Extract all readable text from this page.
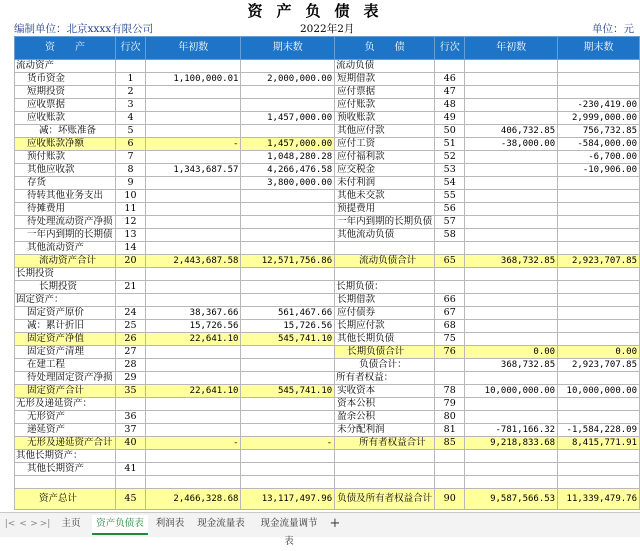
资产负债表
编制单位：北京xxxx有限公司	2022年2月	单位：元
资　　产	行次	年初数	期末数	负　　债	行次	年初数	期末数
流动资产				流动负债			
货币资金	1	1,100,000.01	2,000,000.00	短期借款	46		
短期投资	2			应付票据	47		
应收票据	3			应付账款	48		-230,419.00
应收账款	4		1,457,000.00	预收账款	49		2,999,000.00
减：坏账准备	5			其他应付款	50	406,732.85	756,732.85
应收账款净额	6	-	1,457,000.00	应付工资	51	-38,000.00	-584,000.00
预付账款	7		1,048,280.28	应付福利款	52		-6,700.00
其他应收款	8	1,343,687.57	4,266,476.58	应交税金	53		-10,906.00
存货	9		3,800,000.00	未付利润	54		
待转其他业务支出	10			其他未交款	55		
待摊费用	11			预提费用	56		
待处理流动资产净损	12			一年内到期的长期负债	57		
一年内到期的长期债	13			其他流动负债	58		
其他流动资产	14						
流动资产合计	20	2,443,687.58	12,571,756.86	流动负债合计	65	368,732.85	2,923,707.85
长期投资							
长期投资	21			长期负债：			
固定资产：				长期借款	66		
固定资产原价	24	38,367.66	561,467.66	应付债券	67		
减：累计折旧	25	15,726.56	15,726.56	长期应付款	68		
固定资产净值	26	22,641.10	545,741.10	其他长期负债	75		
固定资产清理	27			长期负债合计	76	0.00	0.00
在建工程	28			负债合计：		368,732.85	2,923,707.85
待处理固定资产净损	29			所有者权益：			
固定资产合计	35	22,641.10	545,741.10	实收资本	78	10,000,000.00	10,000,000.00
无形及递延资产：				资本公积	79		
无形资产	36			盈余公积	80		
递延资产	37			未分配利润	81	-781,166.32	-1,584,228.09
无形及递延资产合计	40	-	-	所有者权益合计	85	9,218,833.68	8,415,771.91
其他长期资产：							
其他长期资产	41						

资产总计	45	2,466,328.68	13,117,497.96	负债及所有者权益合计	90	9,587,566.53	11,339,479.76
|< < > >|	主页	资产负债表	利润表	现金流量表	现金流量调节表
+
